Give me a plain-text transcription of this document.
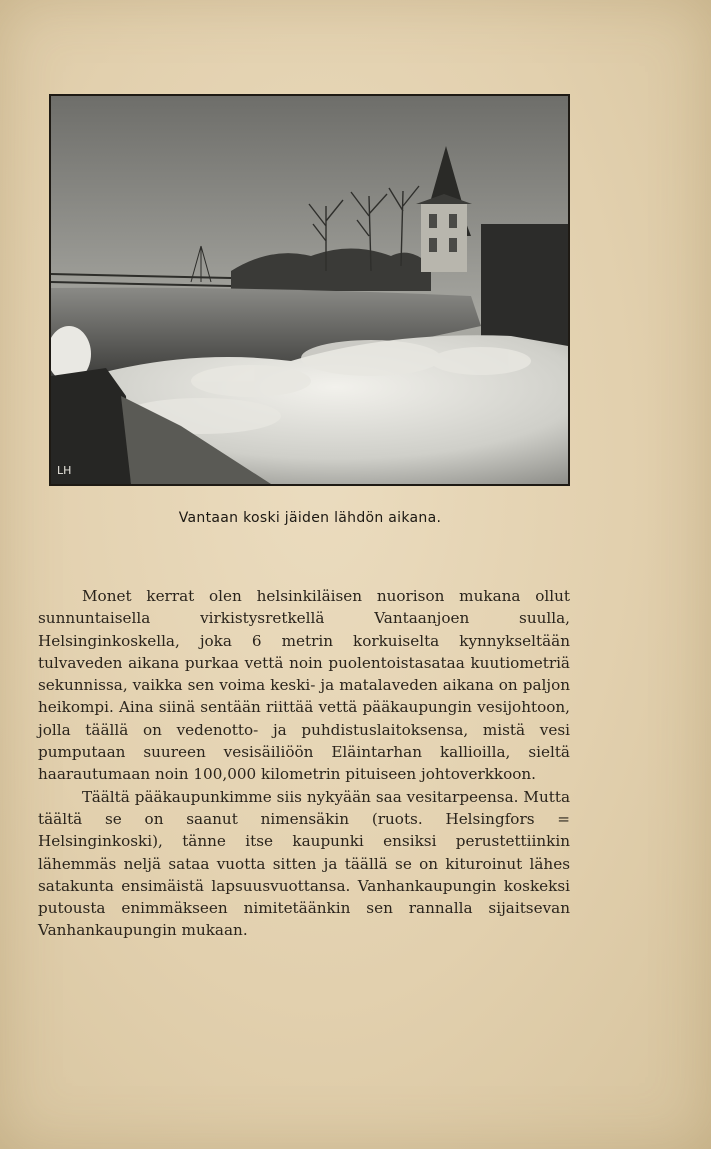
LH
Vantaan koski jäiden lähdön aikana.

Monet kerrat olen helsinkiläisen nuorison mukana ollut sunnuntaisella virkistysretkellä Vantaanjoen suulla, Helsinginkoskella, joka 6 metrin korkuiselta kynnykseltään tulvaveden aikana purkaa vettä noin puolentoistasataa kuutiometriä sekunnissa, vaikka sen voima keski- ja matalaveden aikana on paljon heikompi. Aina siinä sentään riittää vettä pääkaupungin vesijohtoon, jolla täällä on vedenotto- ja puhdistuslaitoksensa, mistä vesi pumputaan suureen vesisäiliöön Eläintarhan kallioilla, sieltä haarautumaan noin 100,000 kilometrin pituiseen johtoverkkoon.

Täältä pääkaupunkimme siis nykyään saa vesitarpeensa. Mutta täältä se on saanut nimensäkin (ruots. Helsingfors = Helsinginkoski), tänne itse kaupunki ensiksi perustettiinkin lähemmäs neljä sataa vuotta sitten ja täällä se on kituroinut lähes satakunta ensimäistä lapsuusvuottansa. Vanhankaupungin koskeksi putousta enimmäkseen nimitetäänkin sen rannalla sijaitsevan Vanhankaupungin mukaan.
